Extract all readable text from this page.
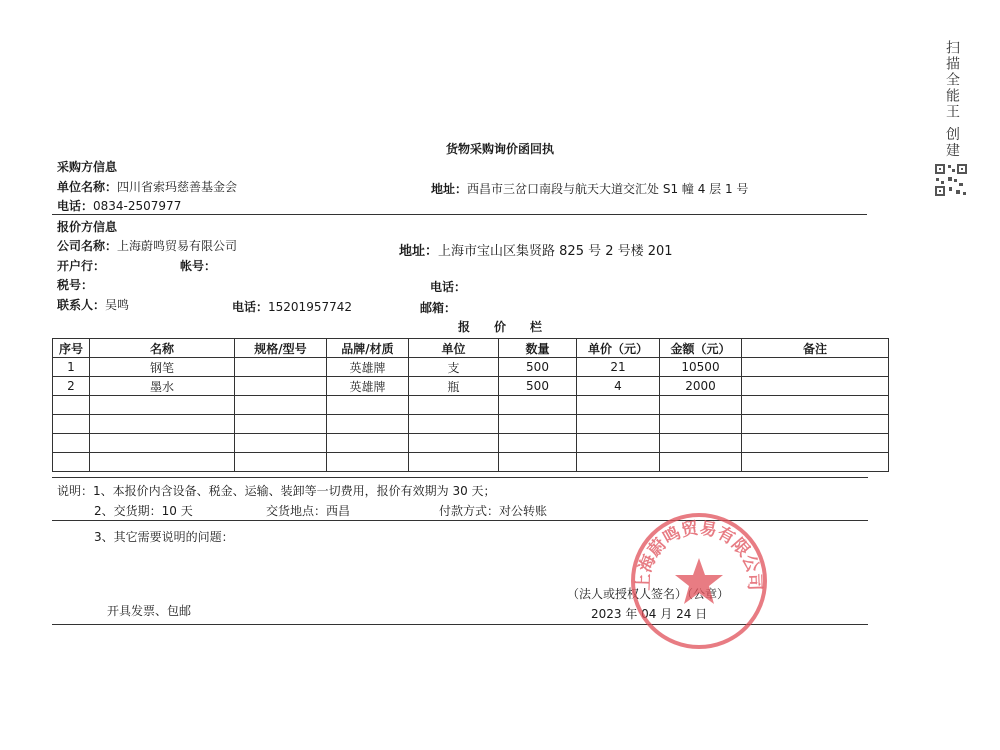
货物采购询价函回执
采购方信息
单位名称：四川省索玛慈善基金会	地址：西昌市三岔口南段与航天大道交汇处 S1 幢 4 层 1 号
电话：0834-2507977
报价方信息
公司名称：上海蔚鸣贸易有限公司	地址：上海市宝山区集贤路 825 号 2 号楼 201
开户行：	帐号：
税号：	电话：
联系人：吴鸣	电话：15201957742	邮箱：
报　　价　　栏
序号	名称	规格/型号	品牌/材质	单位	数量	单价（元）	金额（元）	备注
1	钢笔		英雄牌	支	500	21	10500	
2	墨水		英雄牌	瓶	500	4	2000	

说明：1、本报价内含设备、税金、运输、装卸等一切费用，报价有效期为 30 天；
2、交货期：10 天	交货地点：西昌	付款方式：对公转账
3、其它需要说明的问题：
（法人或授权人签名）（公章）
开具发票、包邮	2023 年 04 月 24 日
上海蔚鸣贸易有限公司
扫描全能王 创建
